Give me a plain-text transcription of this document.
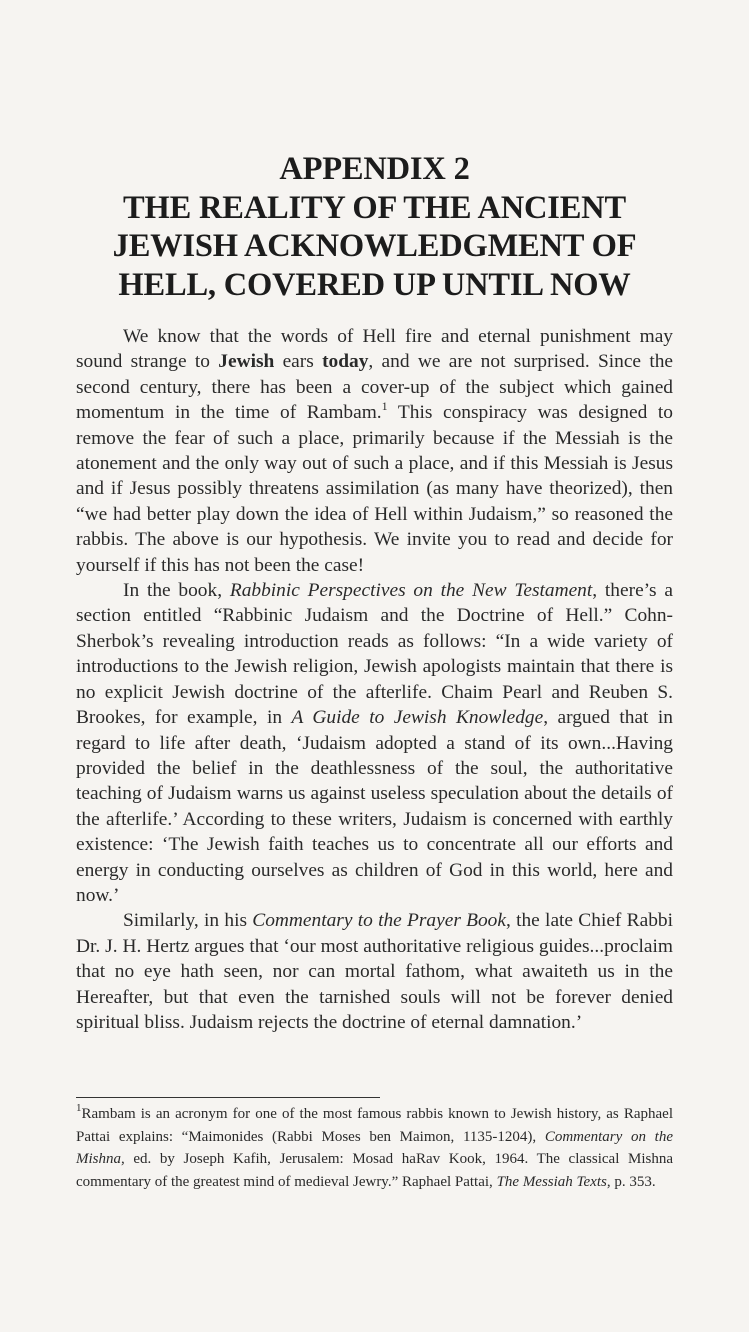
APPENDIX 2
THE REALITY OF THE ANCIENT
JEWISH ACKNOWLEDGMENT OF
HELL, COVERED UP UNTIL NOW

We know that the words of Hell fire and eternal punishment may sound strange to Jewish ears today, and we are not surprised. Since the second century, there has been a cover-up of the subject which gained momentum in the time of Rambam.$^1$ This conspiracy was designed to remove the fear of such a place, primarily because if the Messiah is the atonement and the only way out of such a place, and if this Messiah is Jesus and if Jesus possibly threatens assimilation (as many have theorized), then “we had better play down the idea of Hell within Judaism,” so reasoned the rabbis. The above is our hypothesis. We invite you to read and decide for yourself if this has not been the case!

In the book, Rabbinic Perspectives on the New Testament, there’s a section entitled “Rabbinic Judaism and the Doctrine of Hell.” Cohn-Sherbok’s revealing introduction reads as follows: “In a wide variety of introductions to the Jewish religion, Jewish apologists maintain that there is no explicit Jewish doctrine of the afterlife. Chaim Pearl and Reuben S. Brookes, for example, in A Guide to Jewish Knowledge, argued that in regard to life after death, ‘Judaism adopted a stand of its own...Having provided the belief in the deathlessness of the soul, the authoritative teaching of Judaism warns us against useless speculation about the details of the afterlife.’ According to these writers, Judaism is concerned with earthly existence: ‘The Jewish faith teaches us to concentrate all our efforts and energy in conducting ourselves as children of God in this world, here and now.’

Similarly, in his Commentary to the Prayer Book, the late Chief Rabbi Dr. J. H. Hertz argues that ‘our most authoritative religious guides...proclaim that no eye hath seen, nor can mortal fathom, what awaiteth us in the Hereafter, but that even the tarnished souls will not be forever denied spiritual bliss. Judaism rejects the doctrine of eternal damnation.’

$^1$Rambam is an acronym for one of the most famous rabbis known to Jewish history, as Raphael Pattai explains: “Maimonides (Rabbi Moses ben Maimon, 1135-1204), Commentary on the Mishna, ed. by Joseph Kafih, Jerusalem: Mosad haRav Kook, 1964. The classical Mishna commentary of the greatest mind of medieval Jewry.” Raphael Pattai, The Messiah Texts, p. 353.
